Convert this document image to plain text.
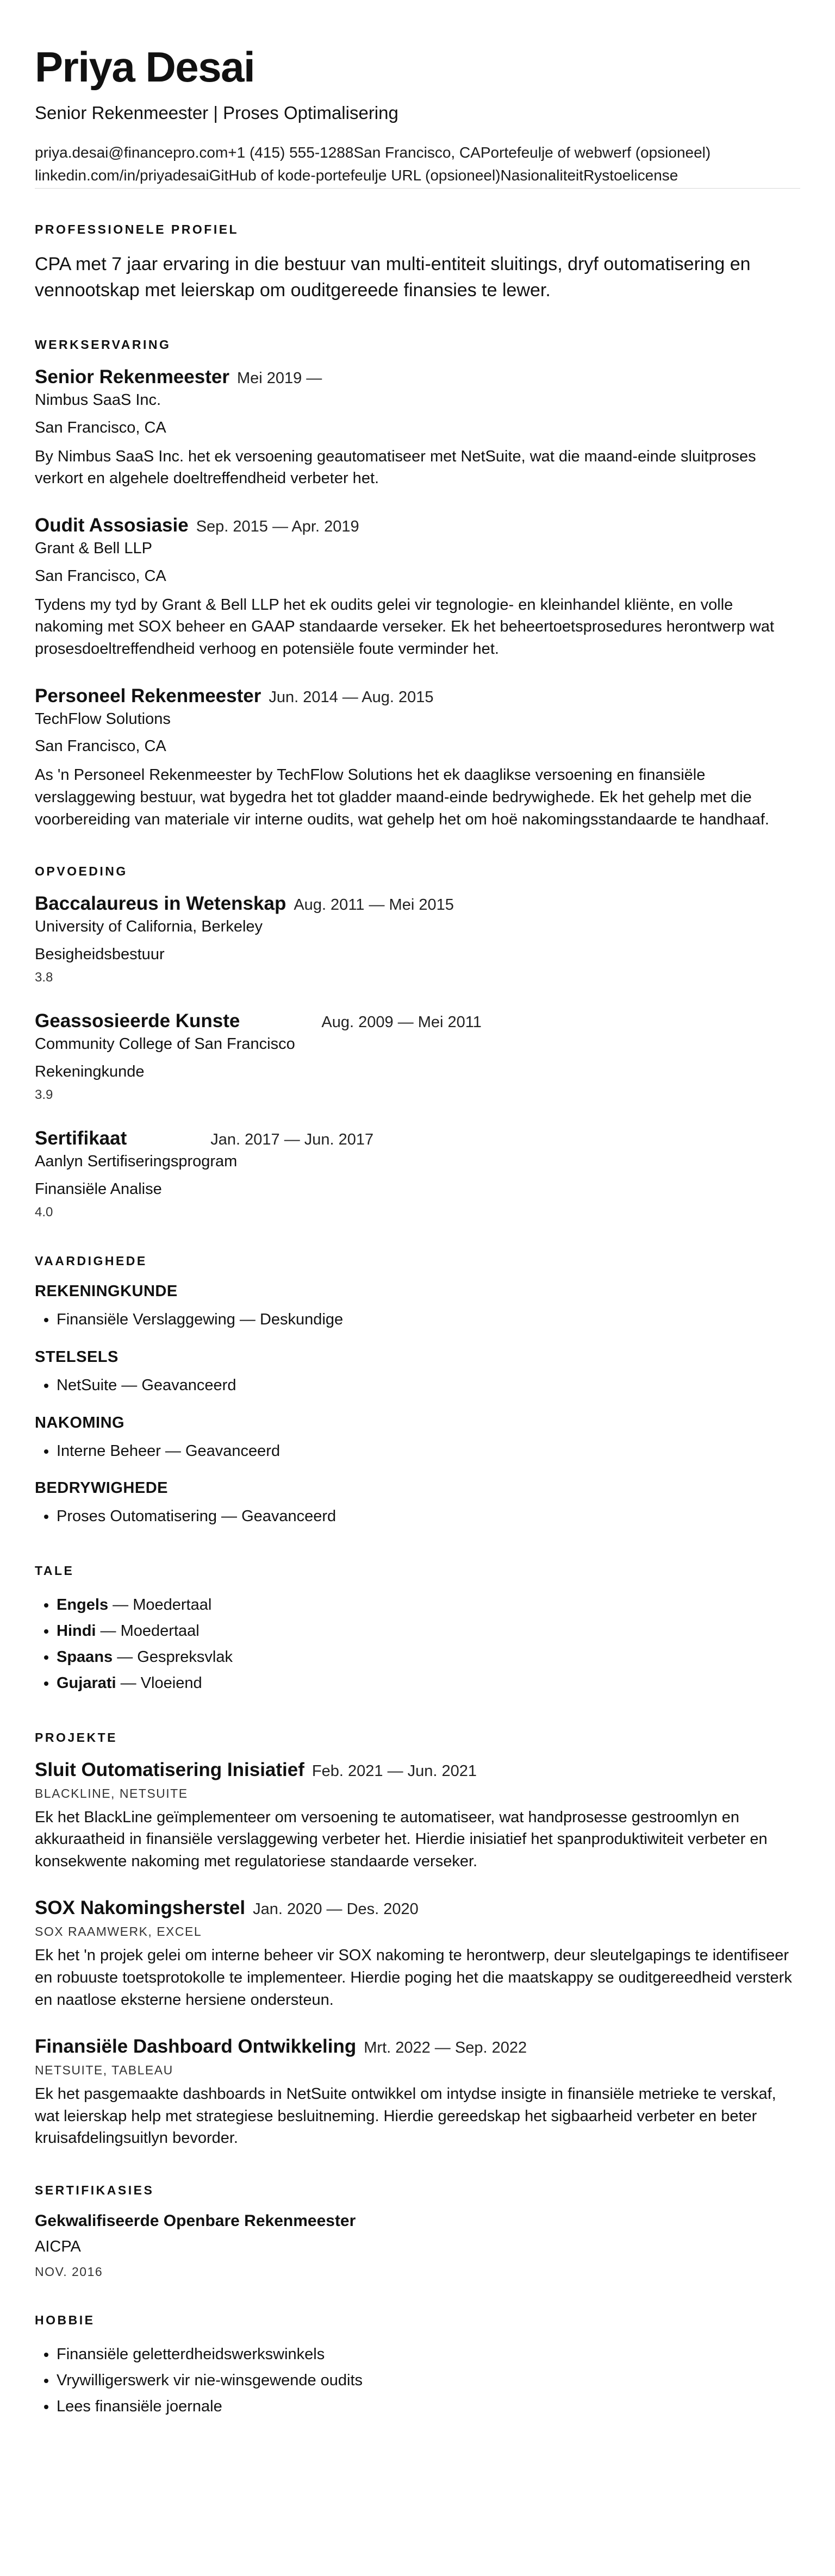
Priya Desai
Senior Rekenmeester | Proses Optimalisering
priya.desai@financepro.com+1 (415) 555-1288San Francisco, CAPortefeulje of webwerf (opsioneel)
linkedin.com/in/priyadesaiGitHub of kode-portefeulje URL (opsioneel)NasionaliteitRystoelicense
PROFESSIONELE PROFIEL

CPA met 7 jaar ervaring in die bestuur van multi-entiteit sluitings, dryf outomatisering en vennootskap met leierskap om ouditgereede finansies te lewer.

WERKSERVARING
Senior Rekenmeester Mei 2019 —
Nimbus SaaS Inc.
San Francisco, CA
By Nimbus SaaS Inc. het ek versoening geautomatiseer met NetSuite, wat die maand-einde sluitproses verkort en algehele doeltreffendheid verbeter het.
Oudit Assosiasie Sep. 2015 — Apr. 2019
Grant & Bell LLP
San Francisco, CA
Tydens my tyd by Grant & Bell LLP het ek oudits gelei vir tegnologie- en kleinhandel kliënte, en volle nakoming met SOX beheer en GAAP standaarde verseker. Ek het beheertoetsprosedures herontwerp wat prosesdoeltreffendheid verhoog en potensiële foute verminder het.
Personeel Rekenmeester Jun. 2014 — Aug. 2015
TechFlow Solutions
San Francisco, CA
As 'n Personeel Rekenmeester by TechFlow Solutions het ek daaglikse versoening en finansiële verslaggewing bestuur, wat bygedra het tot gladder maand-einde bedrywighede. Ek het gehelp met die voorbereiding van materiale vir interne oudits, wat gehelp het om hoë nakomingsstandaarde te handhaaf.
OPVOEDING
Baccalaureus in Wetenskap Aug. 2011 — Mei 2015
University of California, Berkeley
Besigheidsbestuur
3.8
Geassosieerde Kunste	Aug. 2009 — Mei 2011
Community College of San Francisco
Rekeningkunde
3.9
Sertifikaat	Jan. 2017 — Jun. 2017
Aanlyn Sertifiseringsprogram
Finansiële Analise
4.0
VAARDIGHEDE
REKENINGKUNDE
• Finansiële Verslaggewing — Deskundige
STELSELS
• NetSuite — Geavanceerd
NAKOMING
• Interne Beheer — Geavanceerd
BEDRYWIGHEDE
• Proses Outomatisering — Geavanceerd
TALE
• Engels — Moedertaal
• Hindi — Moedertaal
• Spaans — Gespreksvlak
• Gujarati — Vloeiend
PROJEKTE
Sluit Outomatisering Inisiatief Feb. 2021 — Jun. 2021
BLACKLINE, NETSUITE
Ek het BlackLine geïmplementeer om versoening te automatiseer, wat handprosesse gestroomlyn en akkuraatheid in finansiële verslaggewing verbeter het. Hierdie inisiatief het spanproduktiwiteit verbeter en konsekwente nakoming met regulatoriese standaarde verseker.
SOX Nakomingsherstel Jan. 2020 — Des. 2020
SOX RAAMWERK, EXCEL
Ek het 'n projek gelei om interne beheer vir SOX nakoming te herontwerp, deur sleutelgapings te identifiseer en robuuste toetsprotokolle te implementeer. Hierdie poging het die maatskappy se ouditgereedheid versterk en naatlose eksterne hersiene ondersteun.
Finansiële Dashboard Ontwikkeling Mrt. 2022 — Sep. 2022
NETSUITE, TABLEAU
Ek het pasgemaakte dashboards in NetSuite ontwikkel om intydse insigte in finansiële metrieke te verskaf, wat leierskap help met strategiese besluitneming. Hierdie gereedskap het sigbaarheid verbeter en beter kruisafdelingsuitlyn bevorder.
SERTIFIKASIES
Gekwalifiseerde Openbare Rekenmeester
AICPA
NOV. 2016
HOBBIE
• Finansiële geletterdheidswerkswinkels
• Vrywilligerswerk vir nie-winsgewende oudits
• Lees finansiële joernale
